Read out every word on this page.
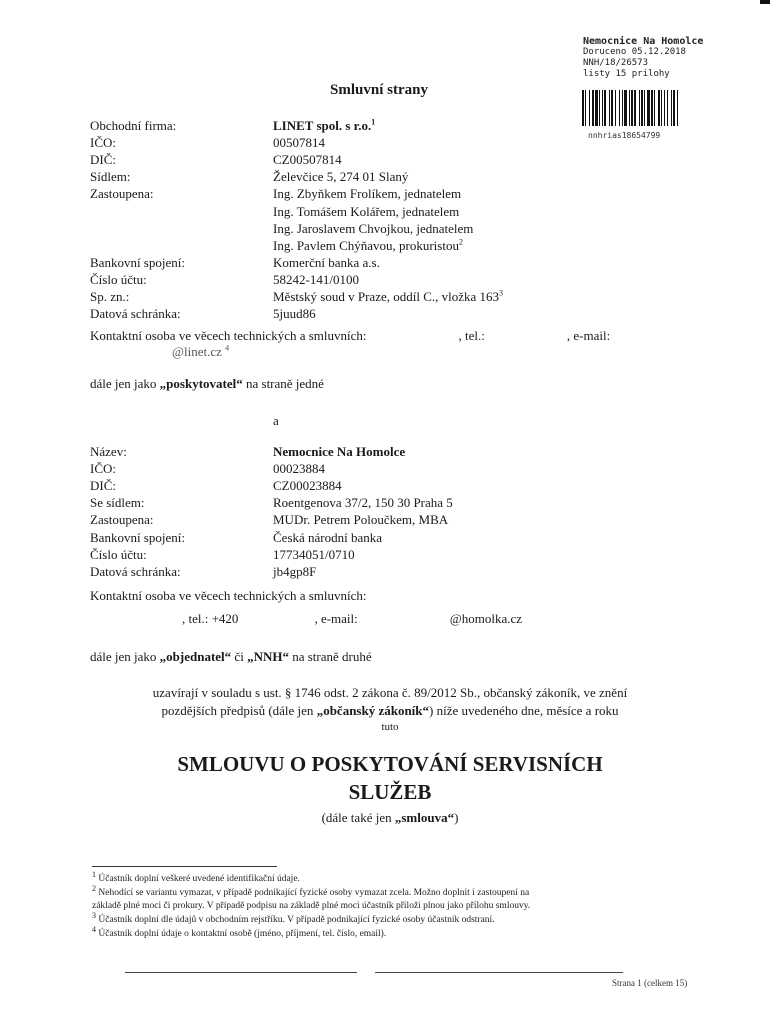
Nemocnice Na Homolce
Doruceno 05.12.2018
NNH/18/26573
listy 15 prilohy
nnhrias18654799
Smluvní strany
Obchodní firma:	LINET spol. s r.o.$^1$
IČO:	00507814
DIČ:	CZ00507814
Sídlem:	Želevčice 5, 274 01 Slaný
Zastoupena:	Ing. Zbyňkem Frolíkem, jednatelem
Ing. Tomášem Kolářem, jednatelem
Ing. Jaroslavem Chvojkou, jednatelem
Ing. Pavlem Chýňavou, prokuristou$^2$
Bankovní spojení:	Komerční banka a.s.
Číslo účtu:	58242-141/0100
Sp. zn.:	Městský soud v Praze, oddíl C., vložka $163^3$
Datová schránka:	5juud86
Kontaktní osoba ve věcech technických a smluvních:	, tel.:	, e-mail:
@linet.cz $^4$
dále jen jako „poskytovatel“ na straně jedné
a
Název:	Nemocnice Na Homolce
IČO:	00023884
DIČ:	CZ00023884
Se sídlem:	Roentgenova 37/2, 150 30 Praha 5
Zastoupena:	MUDr. Petrem Poloučkem, MBA
Bankovní spojení:	Česká národní banka
Číslo účtu:	17734051/0710
Datová schránka:	jb4gp8F
Kontaktní osoba ve věcech technických a smluvních:
, tel.: +420	, e-mail:	@homolka.cz
dále jen jako „objednatel“ či „NNH“ na straně druhé
uzavírají v souladu s ust. § 1746 odst. 2 zákona č. 89/2012 Sb., občanský zákoník, ve znění
pozdějších předpisů (dále jen „občanský zákoník“) níže uvedeného dne, měsíce a roku
tuto
SMLOUVU O POSKYTOVÁNÍ SERVISNÍCH
SLUŽEB
(dále také jen „smlouva“)
$^1$ Účastník doplní veškeré uvedené identifikační údaje.
$^2$ Nehodící se variantu vymazat, v případě podnikající fyzické osoby vymazat zcela. Možno doplnit i zastoupení na
základě plné moci či prokury. V případě podpisu na základě plné moci účastník přiloží plnou jako přílohu smlouvy.
$^3$ Účastník doplní dle údajů v obchodním rejstříku. V případě podnikající fyzické osoby účastník odstraní.
$^4$ Účastník doplní údaje o kontaktní osobě (jméno, příjmení, tel. číslo, email).
Strana 1 (celkem 15)
